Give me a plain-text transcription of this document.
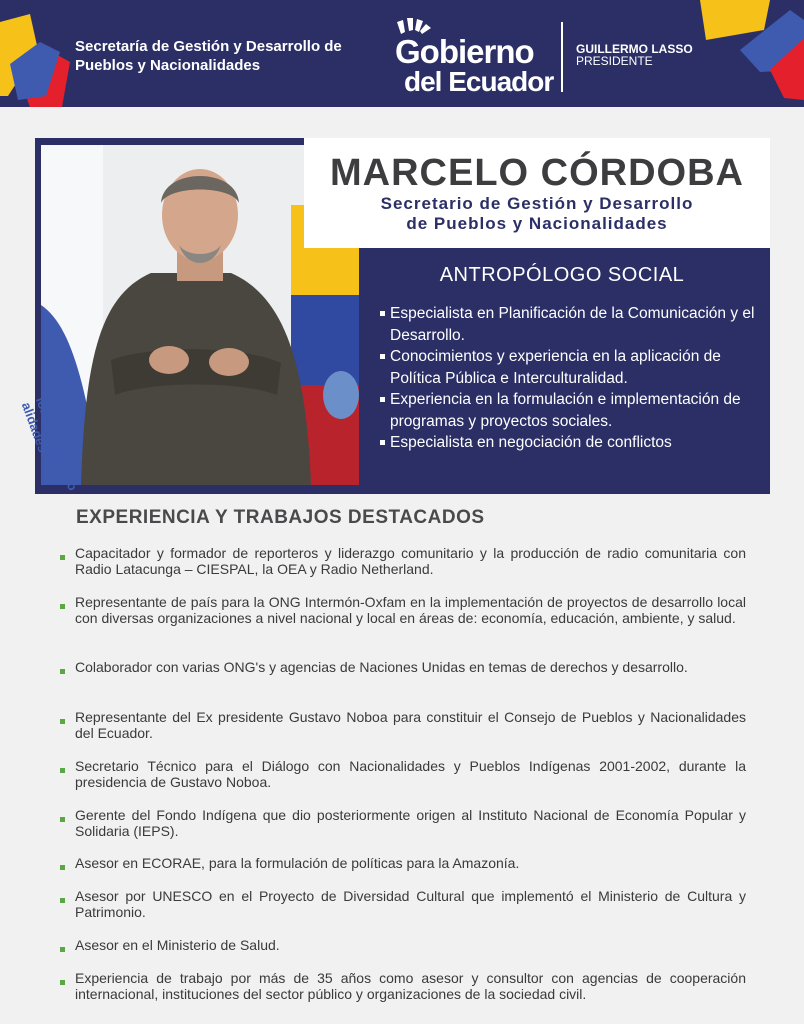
Secretaría de Gestión y Desarrollo de Pueblos y Nacionalidades	Gobierno
del Ecuador
GUILLERMO LASSO
PRESIDENTE
ión y Desarrollo
alidades
MARCELO CÓRDOBA
Secretario de Gestión y Desarrollo
de Pueblos y Nacionalidades
ANTROPÓLOGO SOCIAL
Especialista en Planificación de la Comunicación y el Desarrollo.
Conocimientos y experiencia en la aplicación de Política Pública e Interculturalidad.
Experiencia en la formulación e implementación de programas y proyectos sociales.
Especialista en negociación de conflictos
EXPERIENCIA Y TRABAJOS DESTACADOS
Capacitador y formador de reporteros y liderazgo comunitario y la producción de radio comunitaria con Radio Latacunga – CIESPAL, la OEA y Radio Netherland.
Representante de país para la ONG Intermón-Oxfam en la implementación de proyectos de desarrollo local con diversas organizaciones a nivel nacional y local en áreas de: economía, educación, ambiente, y salud.
Colaborador con varias ONG's y agencias de Naciones Unidas en temas de derechos y desarrollo.
Representante del Ex presidente Gustavo Noboa para constituir el Consejo de Pueblos y Nacionalidades del Ecuador.
Secretario Técnico para el Diálogo con Nacionalidades y Pueblos Indígenas 2001-2002, durante la presidencia de Gustavo Noboa.
Gerente del Fondo Indígena que dio posteriormente origen al Instituto Nacional de Economía Popular y Solidaria (IEPS).
Asesor en ECORAE, para la formulación de políticas para la Amazonía.
Asesor por UNESCO en el Proyecto de Diversidad Cultural que implementó el Ministerio de Cultura y Patrimonio.
Asesor en el Ministerio de Salud.
Experiencia de trabajo por más de 35 años como asesor y consultor con agencias de cooperación internacional, instituciones del sector público y organizaciones de la sociedad civil.
